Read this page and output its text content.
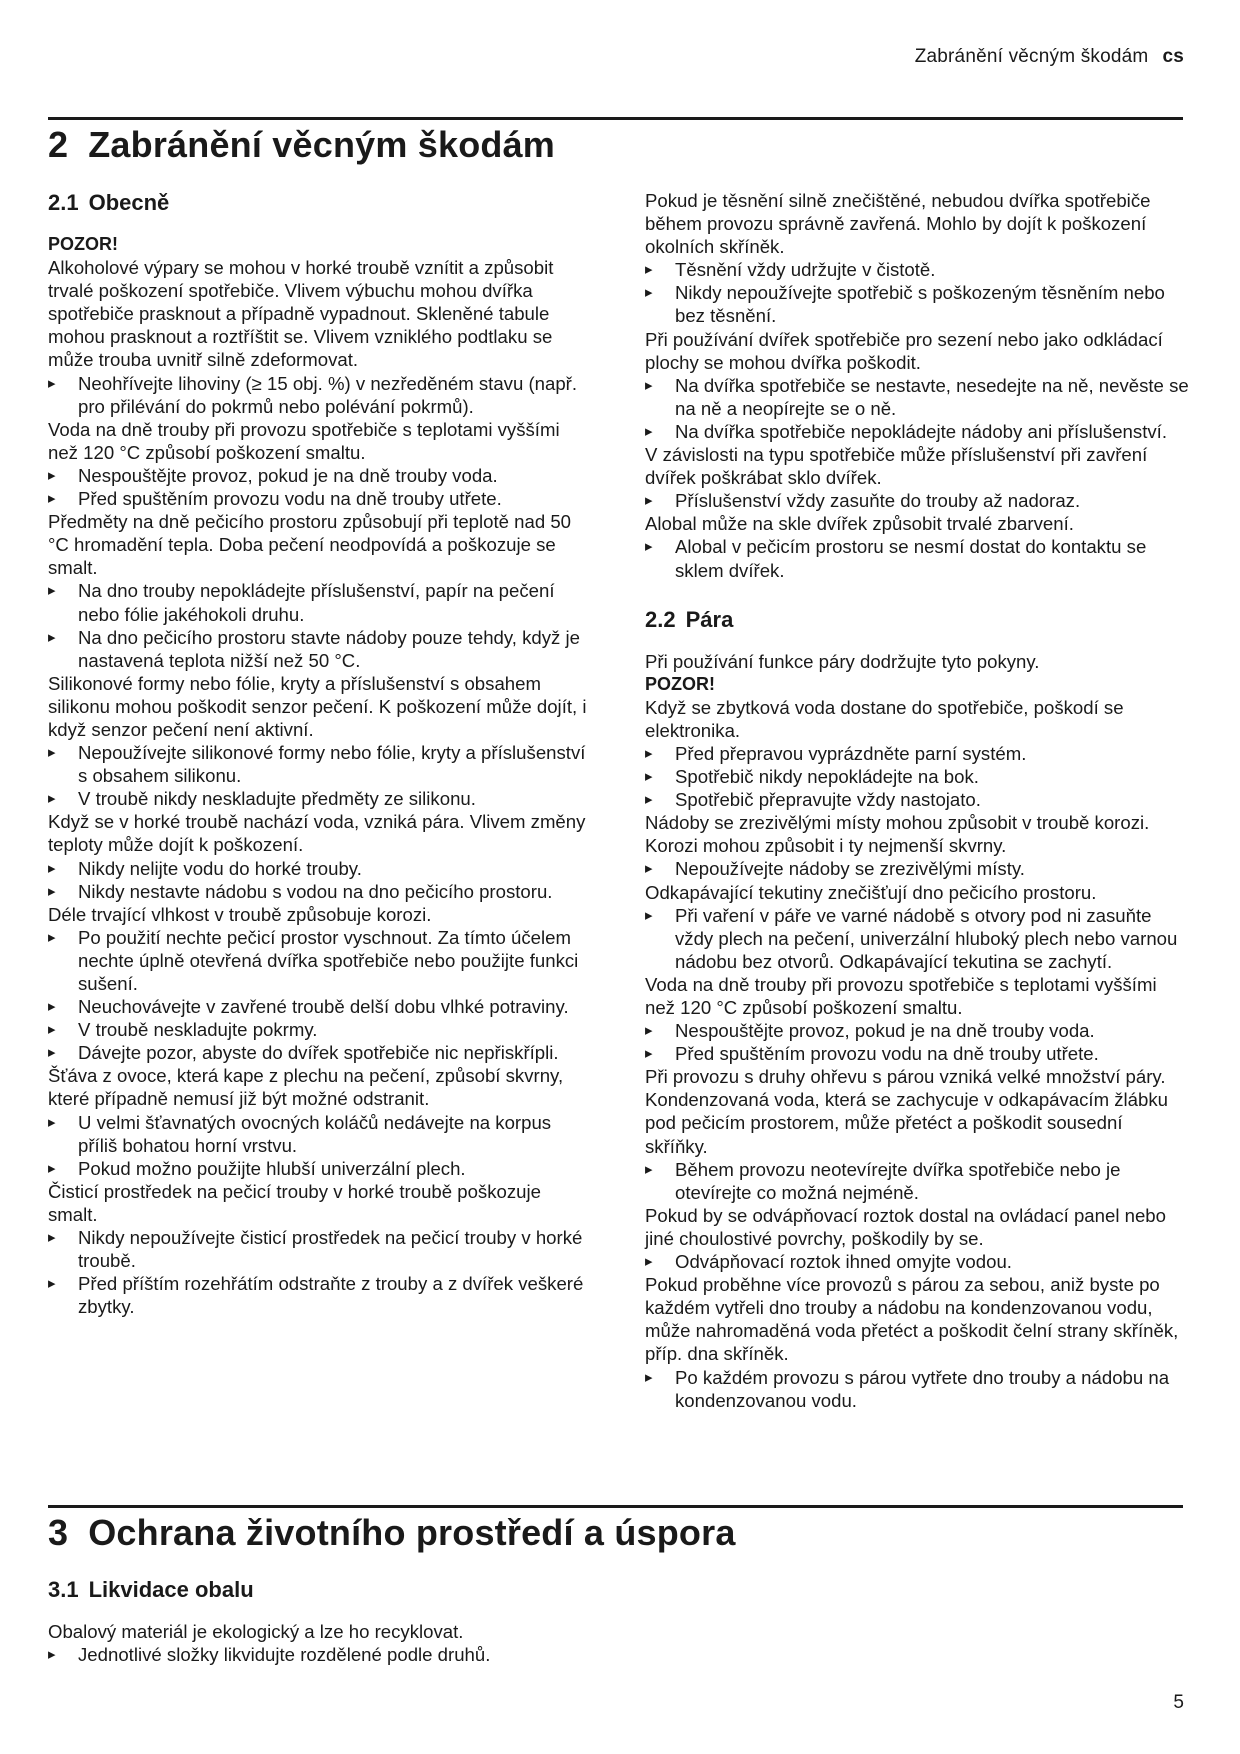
Zabránění věcným škodám cs
2 Zabránění věcným škodám
2.1 Obecně

POZOR!

Alkoholové výpary se mohou v horké troubě vznítit a způsobit trvalé poškození spotřebiče. Vlivem výbuchu mohou dvířka spotřebiče prasknout a případně vypadnout. Skleněné tabule mohou prasknout a roztříštit se. Vlivem vzniklého podtlaku se může trouba uvnitř silně zdeformovat.

▸ Neohřívejte lihoviny (≥ 15 obj. %) v nezředěném stavu (např. pro přilévání do pokrmů nebo polévání pokrmů).

Voda na dně trouby při provozu spotřebiče s teplotami vyššími než 120 °C způsobí poškození smaltu.

▸ Nespouštějte provoz, pokud je na dně trouby voda.
▸ Před spuštěním provozu vodu na dně trouby utřete.

Předměty na dně pečicího prostoru způsobují při teplotě nad 50 °C hromadění tepla. Doba pečení neodpovídá a poškozuje se smalt.

▸ Na dno trouby nepokládejte příslušenství, papír na pečení nebo fólie jakéhokoli druhu.
▸ Na dno pečicího prostoru stavte nádoby pouze tehdy, když je nastavená teplota nižší než 50 °C.

Silikonové formy nebo fólie, kryty a příslušenství s obsahem silikonu mohou poškodit senzor pečení. K poškození může dojít, i když senzor pečení není aktivní.

▸ Nepoužívejte silikonové formy nebo fólie, kryty a příslušenství s obsahem silikonu.
▸ V troubě nikdy neskladujte předměty ze silikonu.

Když se v horké troubě nachází voda, vzniká pára. Vlivem změny teploty může dojít k poškození.

▸ Nikdy nelijte vodu do horké trouby.
▸ Nikdy nestavte nádobu s vodou na dno pečicího prostoru.

Déle trvající vlhkost v troubě způsobuje korozi.

▸ Po použití nechte pečicí prostor vyschnout. Za tímto účelem nechte úplně otevřená dvířka spotřebiče nebo použijte funkci sušení.
▸ Neuchovávejte v zavřené troubě delší dobu vlhké potraviny.
▸ V troubě neskladujte pokrmy.
▸ Dávejte pozor, abyste do dvířek spotřebiče nic nepřiskřípli.

Šťáva z ovoce, která kape z plechu na pečení, způsobí skvrny, které případně nemusí již být možné odstranit.

▸ U velmi šťavnatých ovocných koláčů nedávejte na korpus příliš bohatou horní vrstvu.
▸ Pokud možno použijte hlubší univerzální plech.

Čisticí prostředek na pečicí trouby v horké troubě poškozuje smalt.

▸ Nikdy nepoužívejte čisticí prostředek na pečicí trouby v horké troubě.
▸ Před příštím rozehřátím odstraňte z trouby a z dvířek veškeré zbytky.

Pokud je těsnění silně znečištěné, nebudou dvířka spotřebiče během provozu správně zavřená. Mohlo by dojít k poškození okolních skříněk.

▸ Těsnění vždy udržujte v čistotě.
▸ Nikdy nepoužívejte spotřebič s poškozeným těsněním nebo bez těsnění.

Při používání dvířek spotřebiče pro sezení nebo jako odkládací plochy se mohou dvířka poškodit.

▸ Na dvířka spotřebiče se nestavte, nesedejte na ně, nevěste se na ně a neopírejte se o ně.
▸ Na dvířka spotřebiče nepokládejte nádoby ani příslušenství.

V závislosti na typu spotřebiče může příslušenství při zavření dvířek poškrábat sklo dvířek.

▸ Příslušenství vždy zasuňte do trouby až nadoraz.

Alobal může na skle dvířek způsobit trvalé zbarvení.

▸ Alobal v pečicím prostoru se nesmí dostat do kontaktu se sklem dvířek.
2.2 Pára

Při používání funkce páry dodržujte tyto pokyny.

POZOR!

Když se zbytková voda dostane do spotřebiče, poškodí se elektronika.

▸ Před přepravou vyprázdněte parní systém.
▸ Spotřebič nikdy nepokládejte na bok.
▸ Spotřebič přepravujte vždy nastojato.

Nádoby se zrezivělými místy mohou způsobit v troubě korozi. Korozi mohou způsobit i ty nejmenší skvrny.

▸ Nepoužívejte nádoby se zrezivělými místy.

Odkapávající tekutiny znečišťují dno pečicího prostoru.

▸ Při vaření v páře ve varné nádobě s otvory pod ni zasuňte vždy plech na pečení, univerzální hluboký plech nebo varnou nádobu bez otvorů. Odkapávající tekutina se zachytí.

Voda na dně trouby při provozu spotřebiče s teplotami vyššími než 120 °C způsobí poškození smaltu.

▸ Nespouštějte provoz, pokud je na dně trouby voda.
▸ Před spuštěním provozu vodu na dně trouby utřete.

Při provozu s druhy ohřevu s párou vzniká velké množství páry. Kondenzovaná voda, která se zachycuje v odkapávacím žlábku pod pečicím prostorem, může přetéct a poškodit sousední skříňky.

▸ Během provozu neotevírejte dvířka spotřebiče nebo je otevírejte co možná nejméně.

Pokud by se odvápňovací roztok dostal na ovládací panel nebo jiné choulostivé povrchy, poškodily by se.

▸ Odvápňovací roztok ihned omyjte vodou.

Pokud proběhne více provozů s párou za sebou, aniž byste po každém vytřeli dno trouby a nádobu na kondenzovanou vodu, může nahromaděná voda přetéct a poškodit čelní strany skříněk, příp. dna skříněk.

▸ Po každém provozu s párou vytřete dno trouby a nádobu na kondenzovanou vodu.
3 Ochrana životního prostředí a úspora
3.1 Likvidace obalu

Obalový materiál je ekologický a lze ho recyklovat.

▸ Jednotlivé složky likvidujte rozdělené podle druhů.
5
